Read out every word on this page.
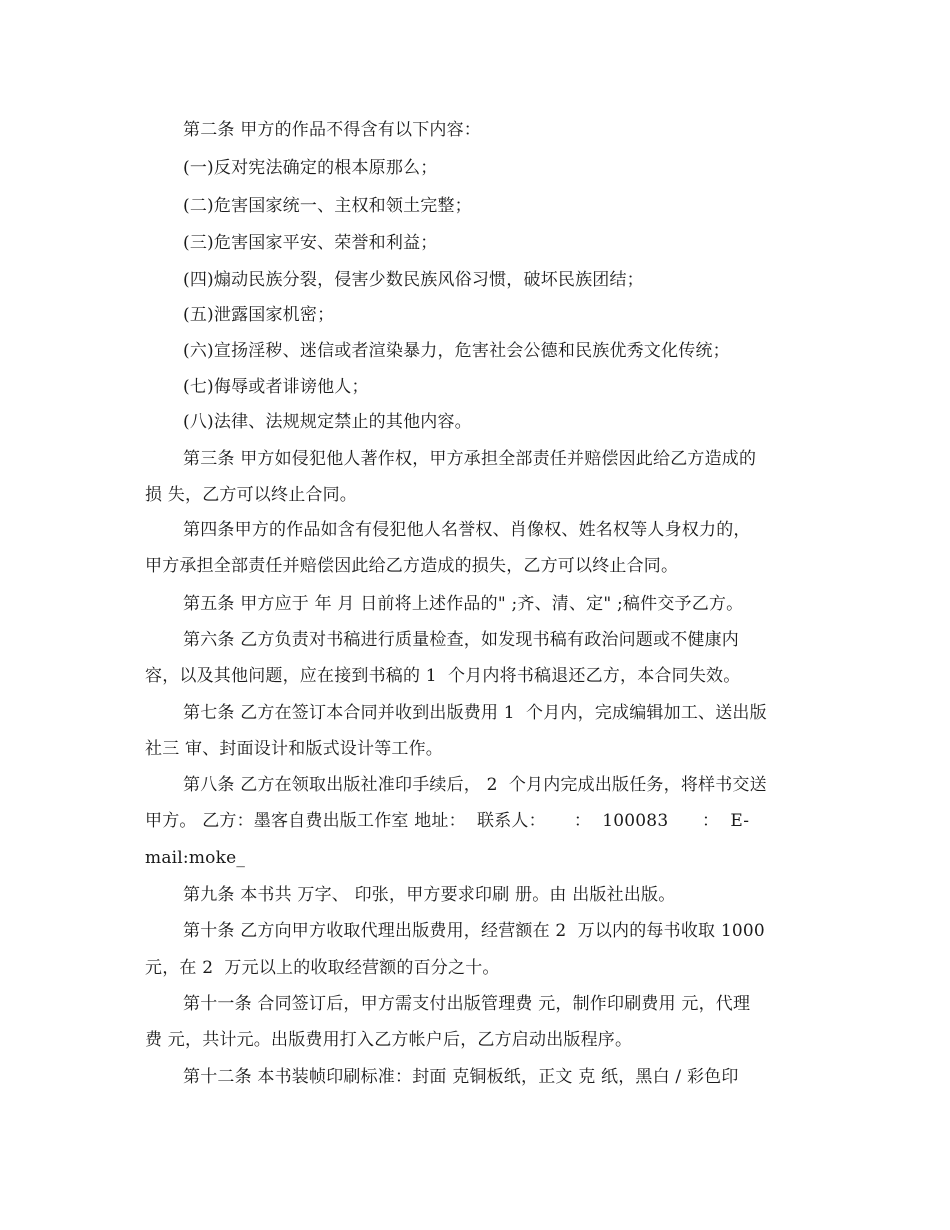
第二条 甲方的作品不得含有以下内容：
(一)反对宪法确定的根本原那么；
(二)危害国家统一、主权和领土完整；
(三)危害国家平安、荣誉和利益；
(四)煽动民族分裂，侵害少数民族风俗习惯，破坏民族团结；
(五)泄露国家机密；
(六)宣扬淫秽、迷信或者渲染暴力，危害社会公德和民族优秀文化传统；
(七)侮辱或者诽谤他人；
(八)法律、法规规定禁止的其他内容。
第三条 甲方如侵犯他人著作权，甲方承担全部责任并赔偿因此给乙方造成的
损 失，乙方可以终止合同。
第四条甲方的作品如含有侵犯他人名誉权、肖像权、姓名权等人身权力的，
甲方承担全部责任并赔偿因此给乙方造成的损失，乙方可以终止合同。
第五条 甲方应于 年 月 日前将上述作品的" ;齐、清、定" ;稿件交予乙方。
第六条 乙方负责对书稿进行质量检查，如发现书稿有政治问题或不健康内
容，以及其他问题，应在接到书稿的 1  个月内将书稿退还乙方，本合同失效。
第七条 乙方在签订本合同并收到出版费用 1  个月内，完成编辑加工、送出版
社三 审、封面设计和版式设计等工作。
第八条 乙方在领取出版社准印手续后， 2  个月内完成出版任务，将样书交送
甲方。 乙方：墨客自费出版工作室 地址：  联系人：     ：  100083      ：  E-
mail:moke_
第九条 本书共 万字、 印张，甲方要求印刷 册。由 出版社出版。
第十条 乙方向甲方收取代理出版费用，经营额在 2  万以内的每书收取 1000
元，在 2  万元以上的收取经营额的百分之十。
第十一条 合同签订后，甲方需支付出版管理费 元，制作印刷费用 元，代理
费 元，共计元。出版费用打入乙方帐户后，乙方启动出版程序。
第十二条 本书装帧印刷标准：封面 克铜板纸，正文 克 纸，黑白 / 彩色印
